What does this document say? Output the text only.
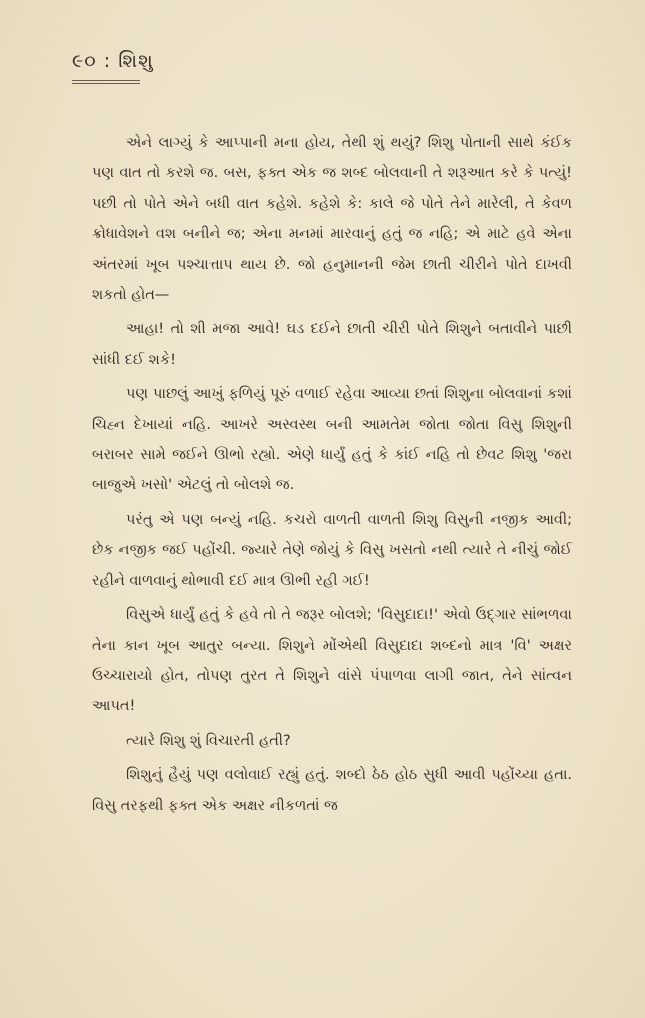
૯૦ : શિશુ

એને લાગ્યું કે આપ્પાની મના હોય, તેથી શું થયું? શિશુ પોતાની સાથે કંઈક પણ વાત તો કરશે જ. બસ, ફક્ત એક જ શબ્દ બોલવાની તે શરૂઆત કરે કે પત્યું! પછી તો પોતે એને બધી વાત કહેશે. કહેશે કે: કાલે જે પોતે તેને મારેલી, તે કેવળ ક્રોધાવેશને વશ બનીને જ; એના મનમાં મારવાનું હતું જ નહિ; એ માટે હવે એના અંતરમાં ખૂબ પશ્ચાત્તાપ થાય છે. જો હનુમાનની જેમ છાતી ચીરીને પોતે દાખવી શકતો હોત—

આહા! તો શી મજા આવે! ઘડ દઈને છાતી ચીરી પોતે શિશુને બતાવીને પાછી સાંધી દઈ શકે!

પણ પાછલું આખું ફળિયું પૂરું વળાઈ રહેવા આવ્યા છતાં શિશુના બોલવાનાં કશાં ચિહ્ન દેખાયાં નહિ. આખરે અસ્વસ્થ બની આમતેમ જોતા જોતા વિસુ શિશુની બરાબર સામે જઈને ઊભો રહ્યો. એણે ધાર્યું હતું કે કાંઈ નહિ તો છેવટ શિશુ 'જરા બાજુએ ખસો' એટલું તો બોલશે જ.

પરંતુ એ પણ બન્યું નહિ. કચરો વાળતી વાળતી શિશુ વિસુની નજીક આવી; છેક નજીક જઈ પહોંચી. જ્યારે તેણે જોયું કે વિસુ ખસતો નથી ત્યારે તે નીચું જોઈ રહીને વાળવાનું થોભાવી દઈ માત્ર ઊભી રહી ગઈ!

વિસુએ ધાર્યું હતું કે હવે તો તે જરૂર બોલશે; 'વિસુદાદા!' એવો ઉદ્ગાર સાંભળવા તેના કાન ખૂબ આતુર બન્યા. શિશુને મોંએથી વિસુદાદા શબ્દનો માત્ર 'વિ' અક્ષર ઉચ્ચારાયો હોત, તોપણ તુરત તે શિશુને વાંસે પંપાળવા લાગી જાત, તેને સાંત્વન આપત!

ત્યારે શિશુ શું વિચારતી હતી?

શિશુનું હૈયું પણ વલોવાઈ રહ્યું હતું. શબ્દો ઠેઠ હોઠ સુધી આવી પહોંચ્યા હતા. વિસુ તરફથી ફક્ત એક અક્ષર નીકળતાં જ
